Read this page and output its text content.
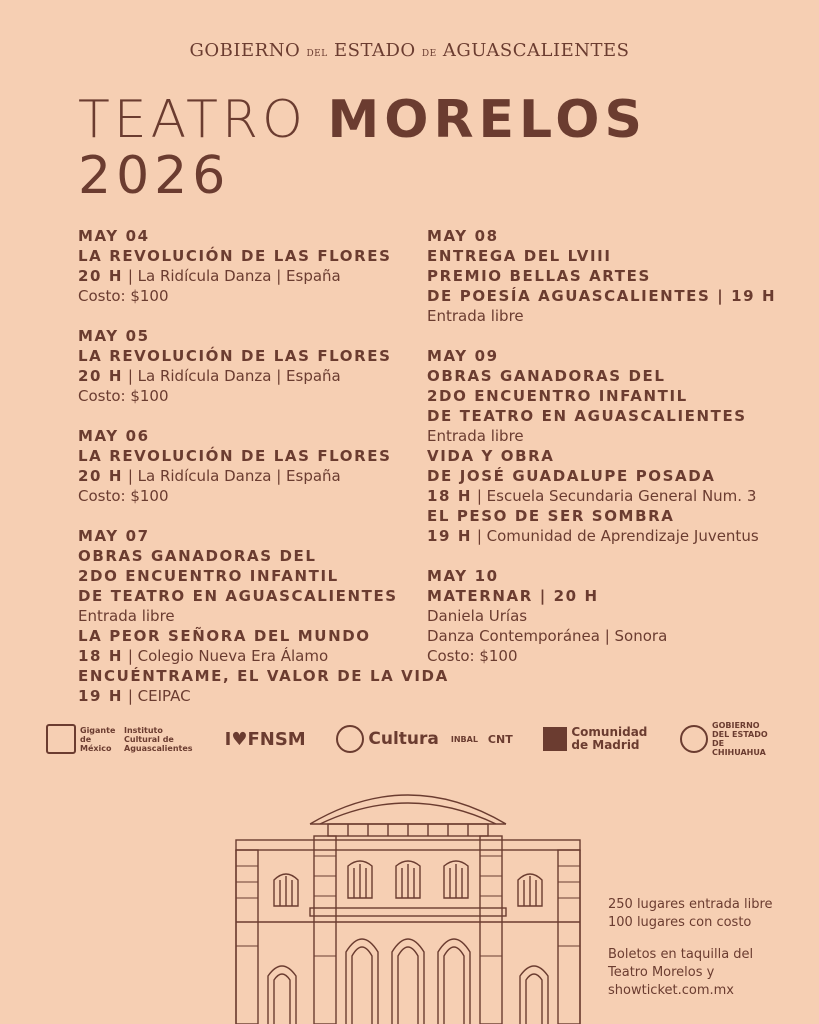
GOBIERNO DEL ESTADO DE AGUASCALIENTES
TEATRO MORELOS
2026
MAY 04
LA REVOLUCIÓN DE LAS FLORES
20 H | La Ridícula Danza | España
Costo: $100
MAY 05
LA REVOLUCIÓN DE LAS FLORES
20 H | La Ridícula Danza | España
Costo: $100
MAY 06
LA REVOLUCIÓN DE LAS FLORES
20 H | La Ridícula Danza | España
Costo: $100
MAY 07
OBRAS GANADORAS DEL
2DO ENCUENTRO INFANTIL
DE TEATRO EN AGUASCALIENTES
Entrada libre
LA PEOR SEÑORA DEL MUNDO
18 H | Colegio Nueva Era Álamo
ENCUÉNTRAME, EL VALOR DE LA VIDA
19 H | CEIPAC
MAY 08
ENTREGA DEL LVIII
PREMIO BELLAS ARTES
DE POESÍA AGUASCALIENTES | 19 H
Entrada libre
MAY 09
OBRAS GANADORAS DEL
2DO ENCUENTRO INFANTIL
DE TEATRO EN AGUASCALIENTES
Entrada libre
VIDA Y OBRA
DE JOSÉ GUADALUPE POSADA
18 H | Escuela Secundaria General Num. 3
EL PESO DE SER SOMBRA
19 H | Comunidad de Aprendizaje Juventus
MAY 10
MATERNAR | 20 H
Daniela Urías
Danza Contemporánea | Sonora
Costo: $100
Gigante de México
Instituto Cultural de Aguascalientes I♥FNSM	Cultura INBAL CNT	Comunidad de Madrid
GOBIERNO DEL ESTADO DE CHIHUAHUA

250 lugares entrada libre
100 lugares con costo

Boletos en taquilla del
Teatro Morelos y
showticket.com.mx
